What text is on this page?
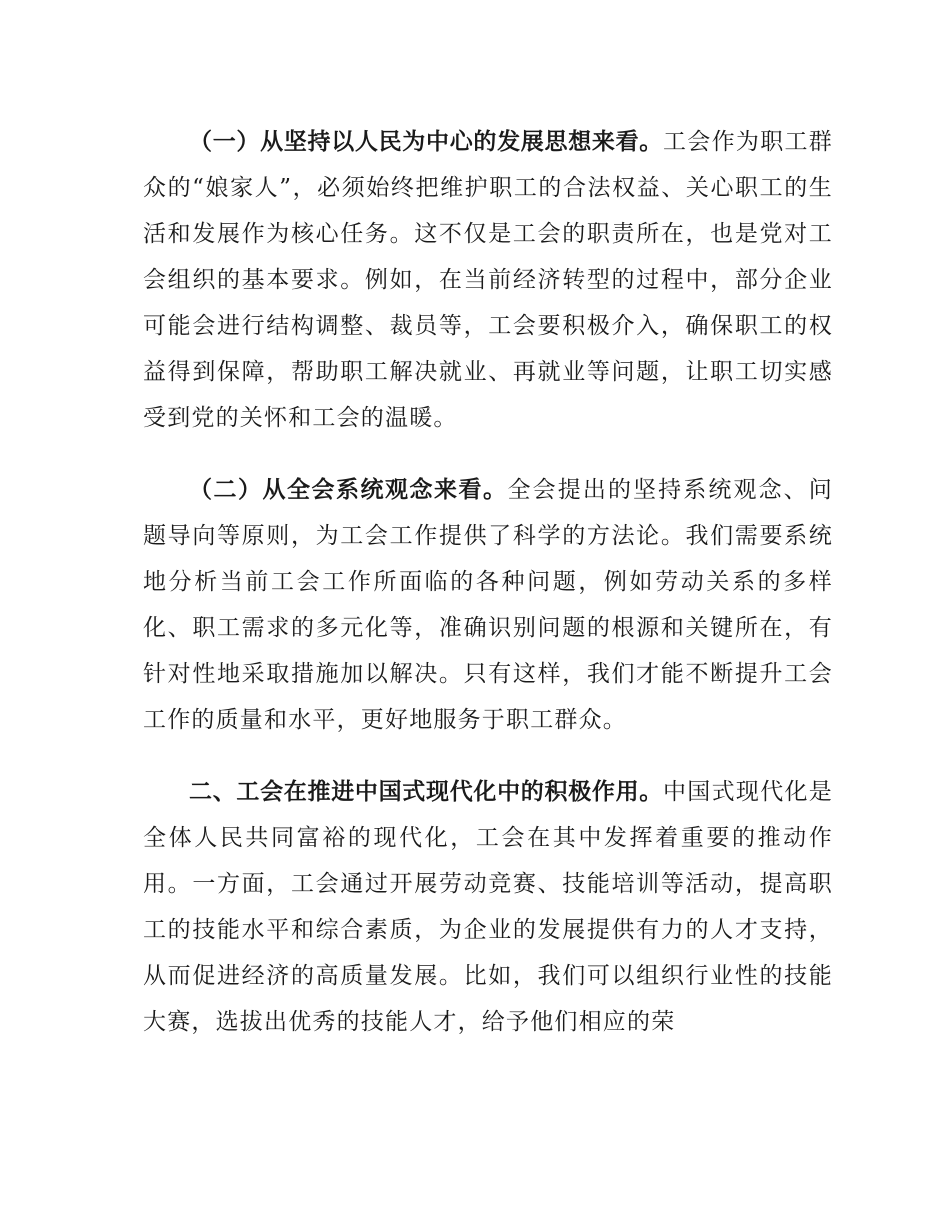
（一）从坚持以人民为中心的发展思想来看。工会作为职工群众的“娘家人”，必须始终把维护职工的合法权益、关心职工的生活和发展作为核心任务。这不仅是工会的职责所在，也是党对工会组织的基本要求。例如，在当前经济转型的过程中，部分企业可能会进行结构调整、裁员等，工会要积极介入，确保职工的权益得到保障，帮助职工解决就业、再就业等问题，让职工切实感受到党的关怀和工会的温暖。

（二）从全会系统观念来看。全会提出的坚持系统观念、问题导向等原则，为工会工作提供了科学的方法论。我们需要系统地分析当前工会工作所面临的各种问题，例如劳动关系的多样化、职工需求的多元化等，准确识别问题的根源和关键所在，有针对性地采取措施加以解决。只有这样，我们才能不断提升工会工作的质量和水平，更好地服务于职工群众。

二、工会在推进中国式现代化中的积极作用。中国式现代化是全体人民共同富裕的现代化，工会在其中发挥着重要的推动作用。一方面，工会通过开展劳动竞赛、技能培训等活动，提高职工的技能水平和综合素质，为企业的发展提供有力的人才支持，从而促进经济的高质量发展。比如，我们可以组织行业性的技能大赛，选拔出优秀的技能人才，给予他们相应的荣
